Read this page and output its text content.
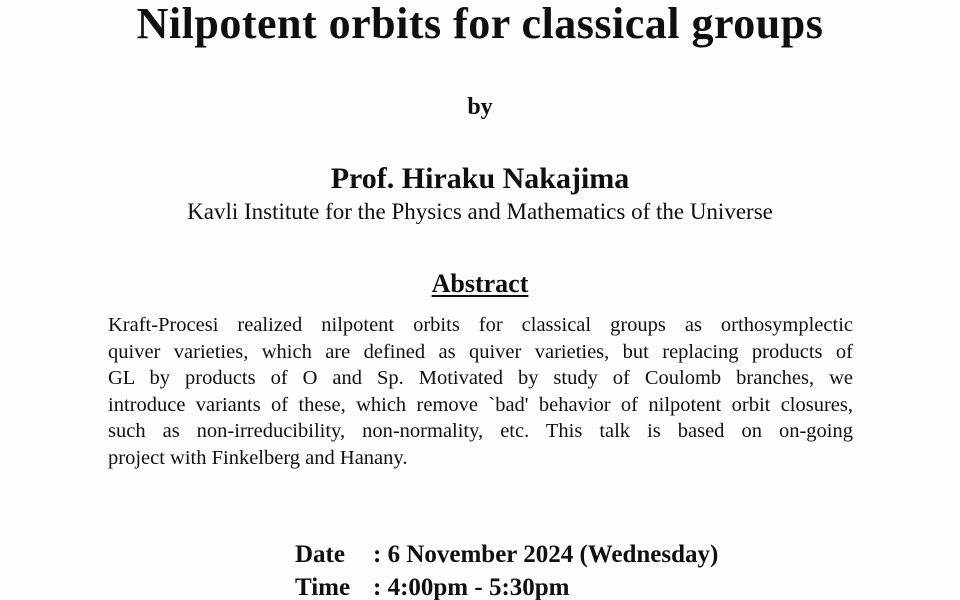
Nilpotent orbits for classical groups
by
Prof. Hiraku Nakajima
Kavli Institute for the Physics and Mathematics of the Universe
Abstract
Kraft-Procesi realized nilpotent orbits for classical groups as orthosymplectic
quiver varieties, which are defined as quiver varieties, but replacing products of
GL by products of O and Sp. Motivated by study of Coulomb branches, we
introduce variants of these, which remove `bad' behavior of nilpotent orbit closures,
such as non-irreducibility, non-normality, etc. This talk is based on on-going
project with Finkelberg and Hanany.
Date : 6 November 2024 (Wednesday)
Time : 4:00pm - 5:30pm
